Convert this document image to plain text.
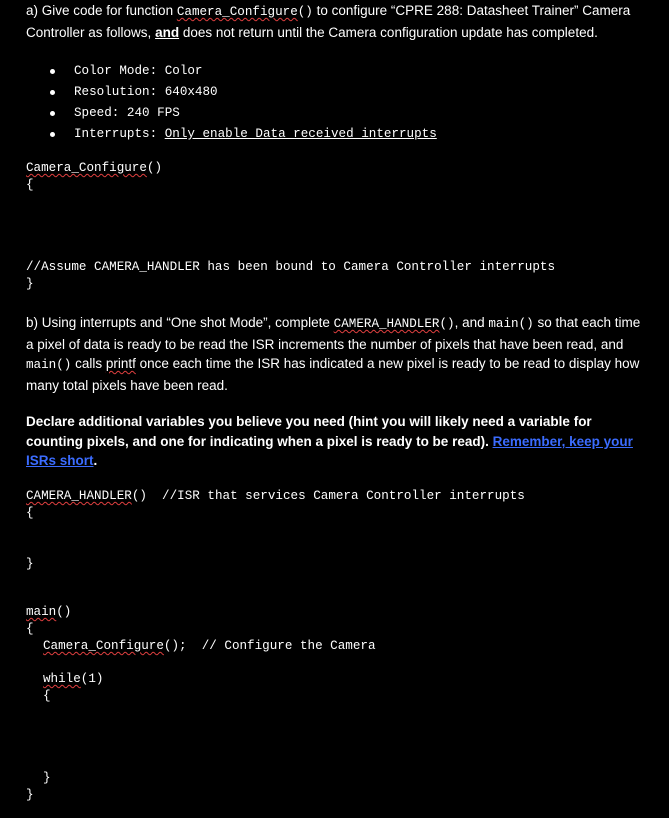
a) Give code for function Camera_Configure() to configure “CPRE 288: Datasheet Trainer” Camera Controller as follows, and does not return until the Camera configuration update has completed.

Color Mode: Color
Resolution: 640x480
Speed: 240 FPS
Interrupts: Only enable Data received interrupts
Camera_Configure()
{
//Assume CAMERA_HANDLER has been bound to Camera Controller interrupts
}

b) Using interrupts and “One shot Mode”, complete CAMERA_HANDLER(), and main() so that each time a pixel of data is ready to be read the ISR increments the number of pixels that have been read, and main() calls printf once each time the ISR has indicated a new pixel is ready to be read to display how many total pixels have been read.

Declare additional variables you believe you need (hint you will likely need a variable for counting pixels, and one for indicating when a pixel is ready to be read). Remember, keep your ISRs short.

CAMERA_HANDLER()  //ISR that services Camera Controller interrupts
{
}
main()
{
Camera_Configure();  // Configure the Camera
while(1)
{
}
}
